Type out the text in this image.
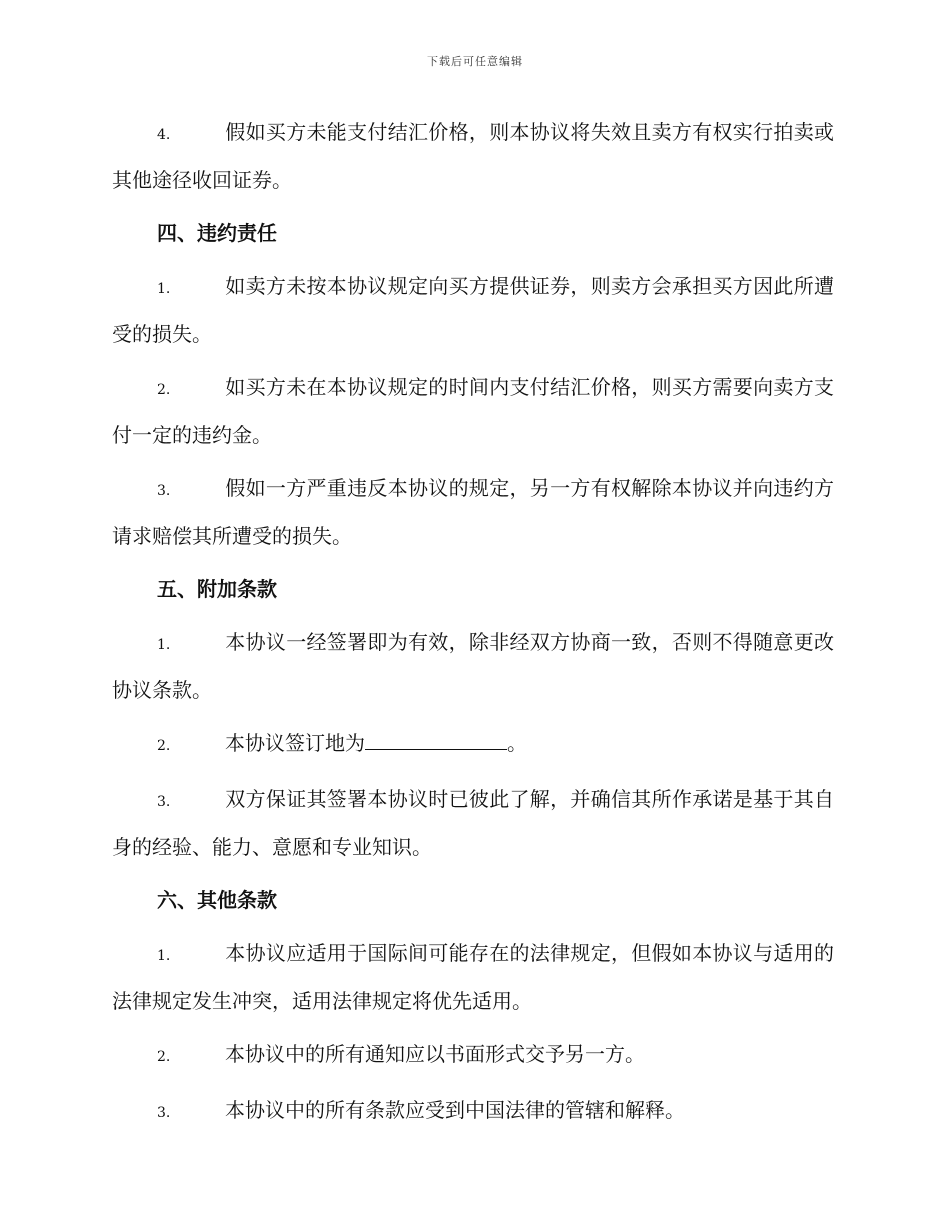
下载后可任意编辑

4.	假如买方未能支付结汇价格，则本协议将失效且卖方有权实行拍卖或其他途径收回证券。

四、违约责任

1.	如卖方未按本协议规定向买方提供证券，则卖方会承担买方因此所遭受的损失。

2.	如买方未在本协议规定的时间内支付结汇价格，则买方需要向卖方支付一定的违约金。

3.	假如一方严重违反本协议的规定，另一方有权解除本协议并向违约方请求赔偿其所遭受的损失。

五、附加条款

1.	本协议一经签署即为有效，除非经双方协商一致，否则不得随意更改协议条款。

2.	本协议签订地为	。

3.	双方保证其签署本协议时已彼此了解，并确信其所作承诺是基于其自身的经验、能力、意愿和专业知识。

六、其他条款

1.	本协议应适用于国际间可能存在的法律规定，但假如本协议与适用的法律规定发生冲突，适用法律规定将优先适用。

2.	本协议中的所有通知应以书面形式交予另一方。

3.	本协议中的所有条款应受到中国法律的管辖和解释。
